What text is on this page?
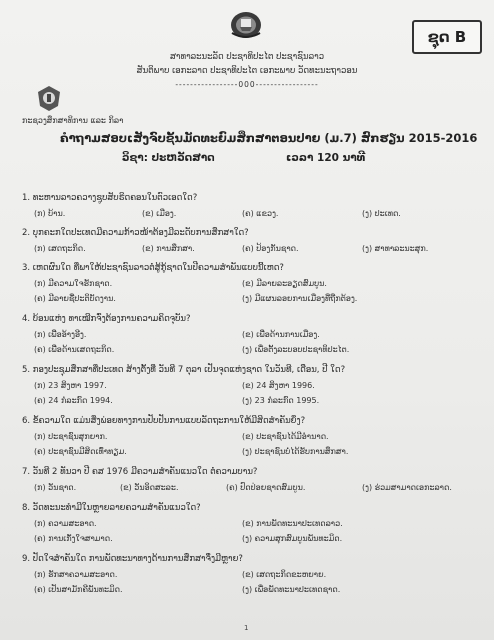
ຊຸດ B
ສາທາລະນະລັດ ປະຊາທິປະໄຕ ປະຊາຊົນລາວ
ສັນຕິພາບ ເອກະລາດ ປະຊາທິປະໄຕ ເອກະພາບ ວັດທະນະຖາວອນ
-----------------000-----------------
ກະຊວງສຶກສາທິການ ແລະ ກິລາ
ຄຳຖາມສອບເສັງຈົບຊັ້ນມັດທະຍົມສຶກສາຕອນປາຍ (ມ.7) ສົກຮຽນ 2015-2016
ວິຊາ: ປະຫວັດສາດ	ເວລາ 120 ນາທີ
1. ທະຫານລາວຄວາງຊູບສັບຮິດຄອນໃນຕົວເອດໃດ?
(ກ) ບ້ານ.	(ຂ) ເມືອງ.	(ຄ) ແຂວງ.	(ງ) ປະເທດ.
2. ບຸກຄະກໃດປະເທດມີຄວາມກ້າວໜ້າຕ້ອງມີລະດັບການສຶກສາໃດ?
(ກ) ເສດຖະກິດ.	(ຂ) ການສຶກສາ.	(ຄ) ປ້ອງກັນຊາດ.	(ງ) ສາທາລະນະສຸກ.
3. ເຫດຜົນໃດ ທີ່ພາໃຫ້ປະຊາຊົນລາວຕໍ່ສູ້ກູ້ຊາດໃນປີຄວາມສຳພັນແບບນີ້ເຫດ?
(ກ) ມີຄວາມໃຈຮັກຊາດ.	(ຂ) ມີລາຍລະອຽດສົມບູນ.
(ຄ) ມີລາຍຊື່ປະຕິບັດງານ.	(ງ) ມີແຜນລອຍການເມືອງທີ່ຖືກຕ້ອງ.
4. ບ້ອນແຫ່ງ ທາເໝີກຈົ່ງຕ້ອງການຄວາມຄິດຈຸບັນ?
(ກ) ເພື່ອອ້າງອີງ.	(ຂ) ເພື່ອດ້ານການເມືອງ.
(ຄ) ເພື່ອດ້ານເສດຖະກິດ.	(ງ) ເພື່ອຕັ້ງລະບອບປະຊາທິປະໄຕ.
5. ກອງປະຊຸມສຶກສາທີ່ປະເທດ ສ້າງຕັ້ງທີ່ ວັນທີ 7 ຕຸລາ ເປັນຈຸດແຫ່ງຊາດ ໃນວັນທີ, ເດືອນ, ປີ ໃດ?
(ກ) 23 ສິງຫາ 1997.	(ຂ) 24 ສິງຫາ 1996.
(ຄ) 24 ກໍລະກົດ 1994.	(ງ) 23 ກໍລະກົດ 1995.
6. ຂໍ້ຄວາມໃດ ແມ່ນສິ່ງພ່ອຍທາງການປັບປັນການແບບລັດຖະການໃຫ້ມີສິດສຳຄັນຍິ່ງ?
(ກ) ປະຊາຊົນສຸກຍາກ.	(ຂ) ປະຊາຊົນໄດ້ມີອຳນາດ.
(ຄ) ປະຊາຊົນມີສິດເທົ່າທຽມ.	(ງ) ປະຊາຊົນບໍ່ໄດ້ຮັບການສຶກສາ.
7. ວັນທີ 2 ທັນວາ ປີ ຄສ 1976 ມີຄວາມສຳຄັນແນວໃດ ຕໍ່ຄວາມບານ?
(ກ) ວັນຊາດ.	(ຂ) ວັນອິດສະລະ.	(ຄ) ປົດປ່ອຍຊາດສົມບູນ.	(ງ) ຮ່ວມສາມາດເອກະລາດ.
8. ວັດທະນະທຳມີໃນຫຼາຍລາຍຄວາມສຳຄັນແນວໃດ?
(ກ) ຄວາມສະອາດ.	(ຂ) ການພັດທະນາປະເທດລາວ.
(ຄ) ການເກັ່ງໃຈສາມາດ.	(ງ) ຄວາມສຸກສົມບູນພັນທະມິດ.
9. ປັດໃຈສຳຄັນໃດ ການພັດທະນາທາງດ້ານການສຶກສາຈຶ່ງມີຫຼາຍ?
(ກ) ຮັກສາຄວາມສະອາດ.	(ຂ) ເສດຖະກິດຂະຫຍາຍ.
(ຄ) ເປັນສາມັກຄີພັນທະມິດ.	(ງ) ເພື່ອພັດທະນາປະເທດຊາດ.
1
